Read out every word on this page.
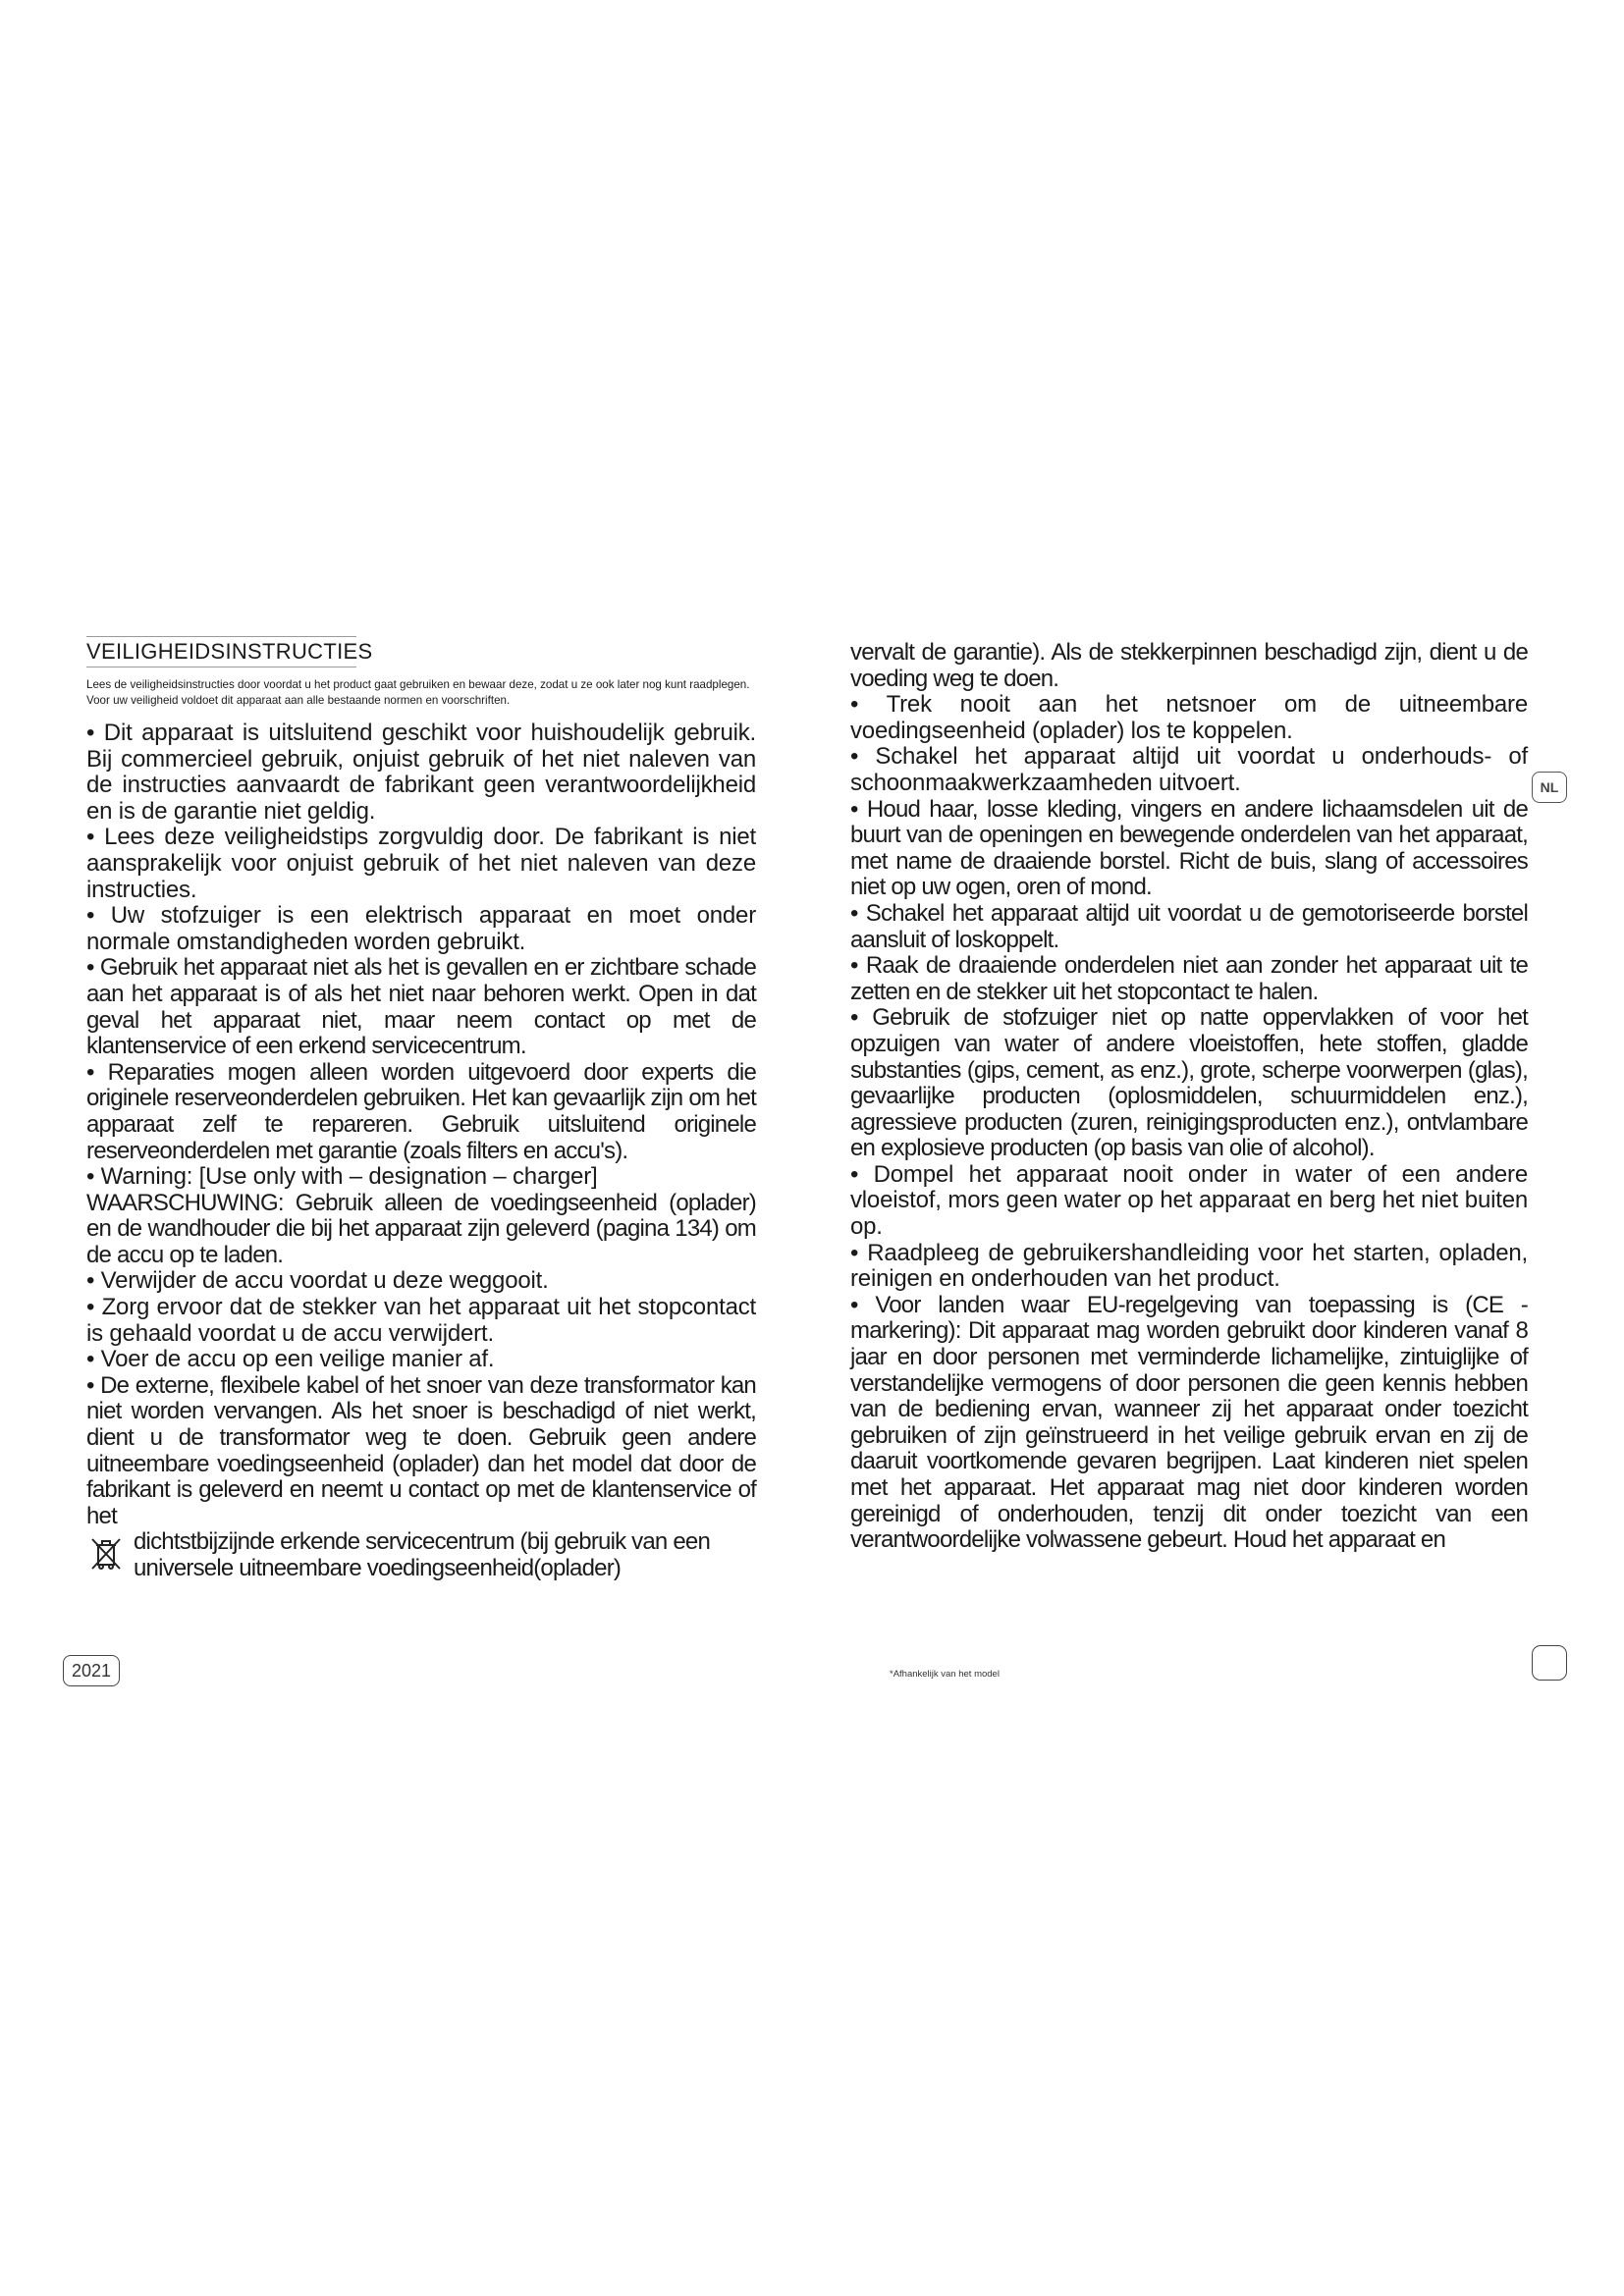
VEILIGHEIDSINSTRUCTIES

Lees de veiligheidsinstructies door voordat u het product gaat gebruiken en bewaar deze, zodat u ze ook later nog kunt raadplegen. Voor uw veiligheid voldoet dit apparaat aan alle bestaande normen en voorschriften.

• Dit apparaat is uitsluitend geschikt voor huishoudelijk gebruik. Bij commercieel gebruik, onjuist gebruik of het niet naleven van de instructies aanvaardt de fabrikant geen verantwoordelijkheid en is de garantie niet geldig.

• Lees deze veiligheidstips zorgvuldig door. De fabrikant is niet aansprakelijk voor onjuist gebruik of het niet naleven van deze instructies.

• Uw stofzuiger is een elektrisch apparaat en moet onder normale omstandigheden worden gebruikt.

• Gebruik het apparaat niet als het is gevallen en er zichtbare schade aan het apparaat is of als het niet naar behoren werkt. Open in dat geval het apparaat niet, maar neem contact op met de klantenservice of een erkend servicecentrum.

• Reparaties mogen alleen worden uitgevoerd door experts die originele reserveonderdelen gebruiken. Het kan gevaarlijk zijn om het apparaat zelf te repareren. Gebruik uitsluitend originele reserveonderdelen met garantie (zoals filters en accu's).

• Warning: [Use only with – designation – charger]

WAARSCHUWING: Gebruik alleen de voedingseenheid (oplader) en de wandhouder die bij het apparaat zijn geleverd (pagina 134) om de accu op te laden.

• Verwijder de accu voordat u deze weggooit.

• Zorg ervoor dat de stekker van het apparaat uit het stopcontact is gehaald voordat u de accu verwijdert.

• Voer de accu op een veilige manier af.

• De externe, flexibele kabel of het snoer van deze transformator kan niet worden vervangen. Als het snoer is beschadigd of niet werkt, dient u de transformator weg te doen. Gebruik geen andere uitneembare voedingseenheid (oplader) dan het model dat door de fabrikant is geleverd en neemt u contact op met de klantenservice of het

dichtstbijzijnde erkende servicecentrum (bij gebruik van een universele uitneembare voedingseenheid(oplader)

vervalt de garantie). Als de stekkerpinnen beschadigd zijn, dient u de voeding weg te doen.

• Trek nooit aan het netsnoer om de uitneembare voedingseenheid (oplader) los te koppelen.

• Schakel het apparaat altijd uit voordat u onderhouds- of schoonmaakwerkzaamheden uitvoert.

• Houd haar, losse kleding, vingers en andere lichaamsdelen uit de buurt van de openingen en bewegende onderdelen van het apparaat, met name de draaiende borstel. Richt de buis, slang of accessoires niet op uw ogen, oren of mond.

• Schakel het apparaat altijd uit voordat u de gemotoriseerde borstel aansluit of loskoppelt.

• Raak de draaiende onderdelen niet aan zonder het apparaat uit te zetten en de stekker uit het stopcontact te halen.

• Gebruik de stofzuiger niet op natte oppervlakken of voor het opzuigen van water of andere vloeistoffen, hete stoffen, gladde substanties (gips, cement, as enz.), grote, scherpe voorwerpen (glas), gevaarlijke producten (oplosmiddelen, schuurmiddelen enz.), agressieve producten (zuren, reinigingsproducten enz.), ontvlambare en explosieve producten (op basis van olie of alcohol).

• Dompel het apparaat nooit onder in water of een andere vloeistof, mors geen water op het apparaat en berg het niet buiten op.

• Raadpleeg de gebruikershandleiding voor het starten, opladen, reinigen en onderhouden van het product.

• Voor landen waar EU-regelgeving van toepassing is (CE -markering): Dit apparaat mag worden gebruikt door kinderen vanaf 8 jaar en door personen met verminderde lichamelijke, zintuiglijke of verstandelijke vermogens of door personen die geen kennis hebben van de bediening ervan, wanneer zij het apparaat onder toezicht gebruiken of zijn geïnstrueerd in het veilige gebruik ervan en zij de daaruit voortkomende gevaren begrijpen. Laat kinderen niet spelen met het apparaat. Het apparaat mag niet door kinderen worden gereinigd of onderhouden, tenzij dit onder toezicht van een verantwoordelijke volwassene gebeurt. Houd het apparaat en

NL
2021	*Afhankelijk van het model
